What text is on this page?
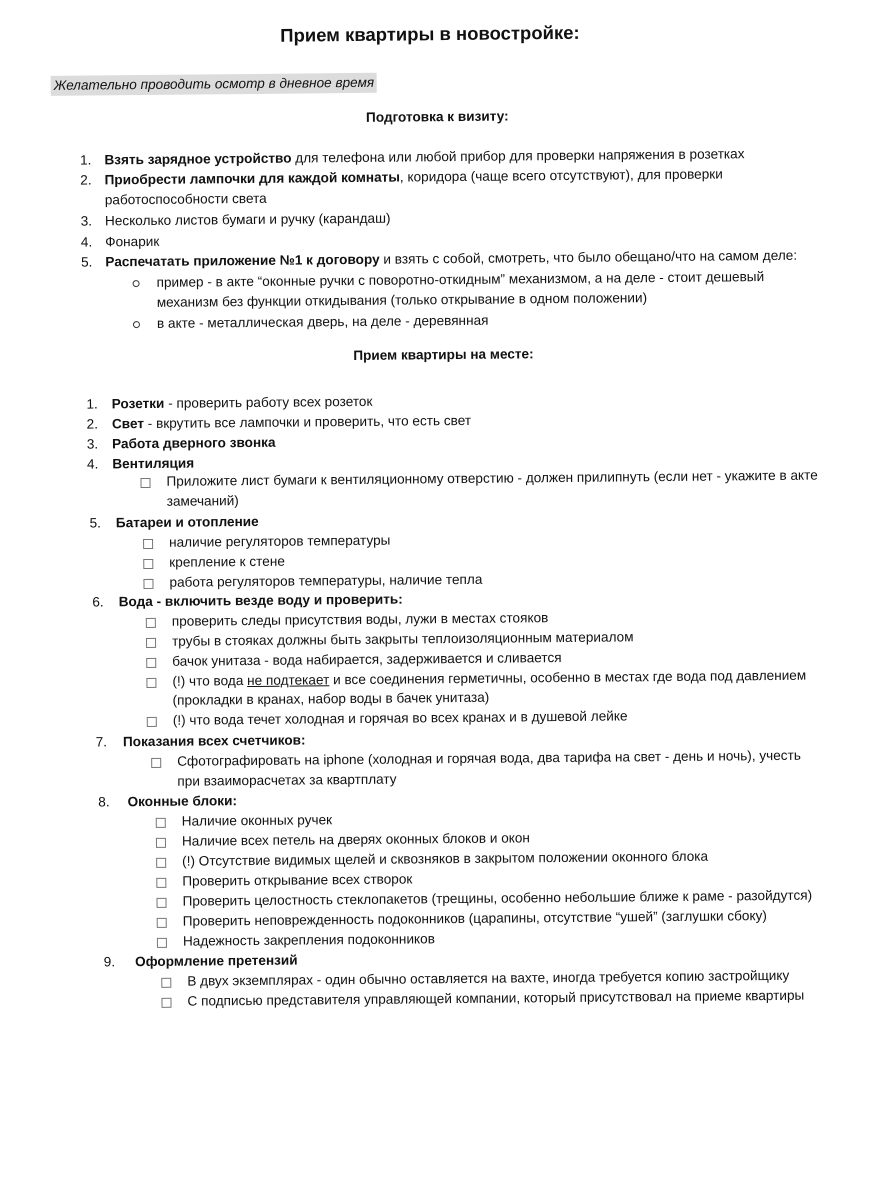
Прием квартиры в новостройке:
Желательно проводить осмотр в дневное время
Подготовка к визиту:
1. Взять зарядное устройство для телефона или любой прибор для проверки напряжения в розетках
2. Приобрести лампочки для каждой комнаты, коридора (чаще всего отсутствуют), для проверки
работоспособности света
3. Несколько листов бумаги и ручку (карандаш)
4. Фонарик
5. Распечатать приложение №1 к договору и взять с собой, смотреть, что было обещано/что на самом деле:
пример - в акте “оконные ручки с поворотно-откидным” механизмом, а на деле - стоит дешевый
механизм без функции откидывания (только открывание в одном положении)
в акте - металлическая дверь, на деле - деревянная
Прием квартиры на месте:
1. Розетки - проверить работу всех розеток
2. Свет - вкрутить все лампочки и проверить, что есть свет
3. Работа дверного звонка
4. Вентиляция
Приложите лист бумаги к вентиляционному отверстию - должен прилипнуть (если нет - укажите в акте
замечаний)
5. Батареи и отопление
наличие регуляторов температуры
крепление к стене
работа регуляторов температуры, наличие тепла
6. Вода - включить везде воду и проверить:
проверить следы присутствия воды, лужи в местах стояков
трубы в стояках должны быть закрыты теплоизоляционным материалом
бачок унитаза - вода набирается, задерживается и сливается
(!) что вода не подтекает и все соединения герметичны, особенно в местах где вода под давлением
(прокладки в кранах, набор воды в бачек унитаза)
(!) что вода течет холодная и горячая во всех кранах и в душевой лейке
7. Показания всех счетчиков:
Сфотографировать на iphone (холодная и горячая вода, два тарифа на свет - день и ночь), учесть
при взаиморасчетах за квартплату
8. Оконные блоки:
Наличие оконных ручек
Наличие всех петель на дверях оконных блоков и окон
(!) Отсутствие видимых щелей и сквозняков в закрытом положении оконного блока
Проверить открывание всех створок
Проверить целостность стеклопакетов (трещины, особенно небольшие ближе к раме - разойдутся)
Проверить неповрежденность подоконников (царапины, отсутствие “ушей” (заглушки сбоку)
Надежность закрепления подоконников
9. Оформление претензий
В двух экземплярах - один обычно оставляется на вахте, иногда требуется копию застройщику
С подписью представителя управляющей компании, который присутствовал на приеме квартиры
